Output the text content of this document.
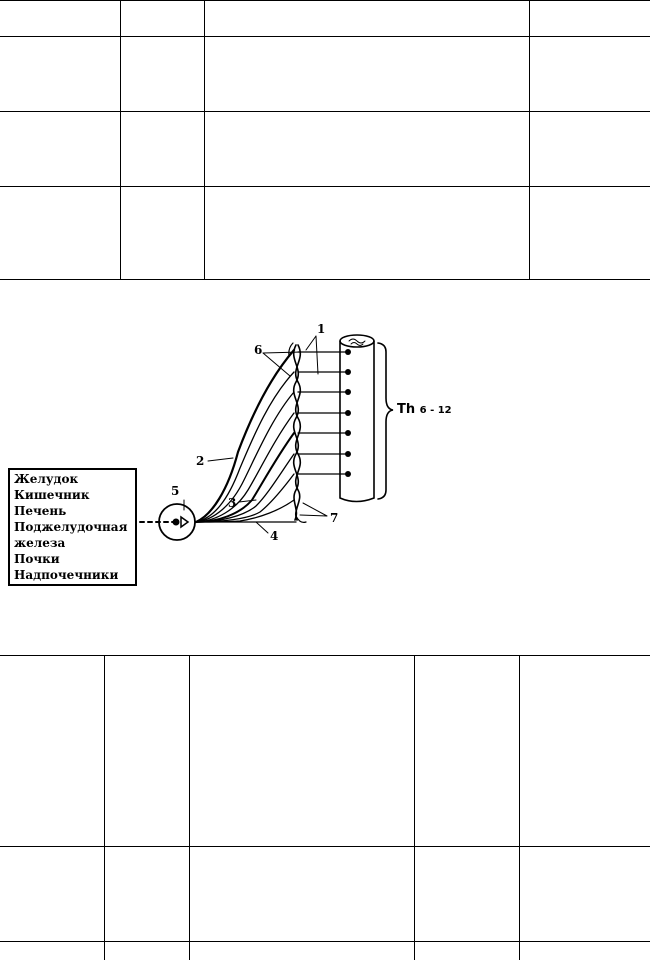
Желудок
Кишечник
Печень
Поджелудочная
железа
Почки
Надпочечники
1
6
2
5
3
7
4
Th 6 - 12
